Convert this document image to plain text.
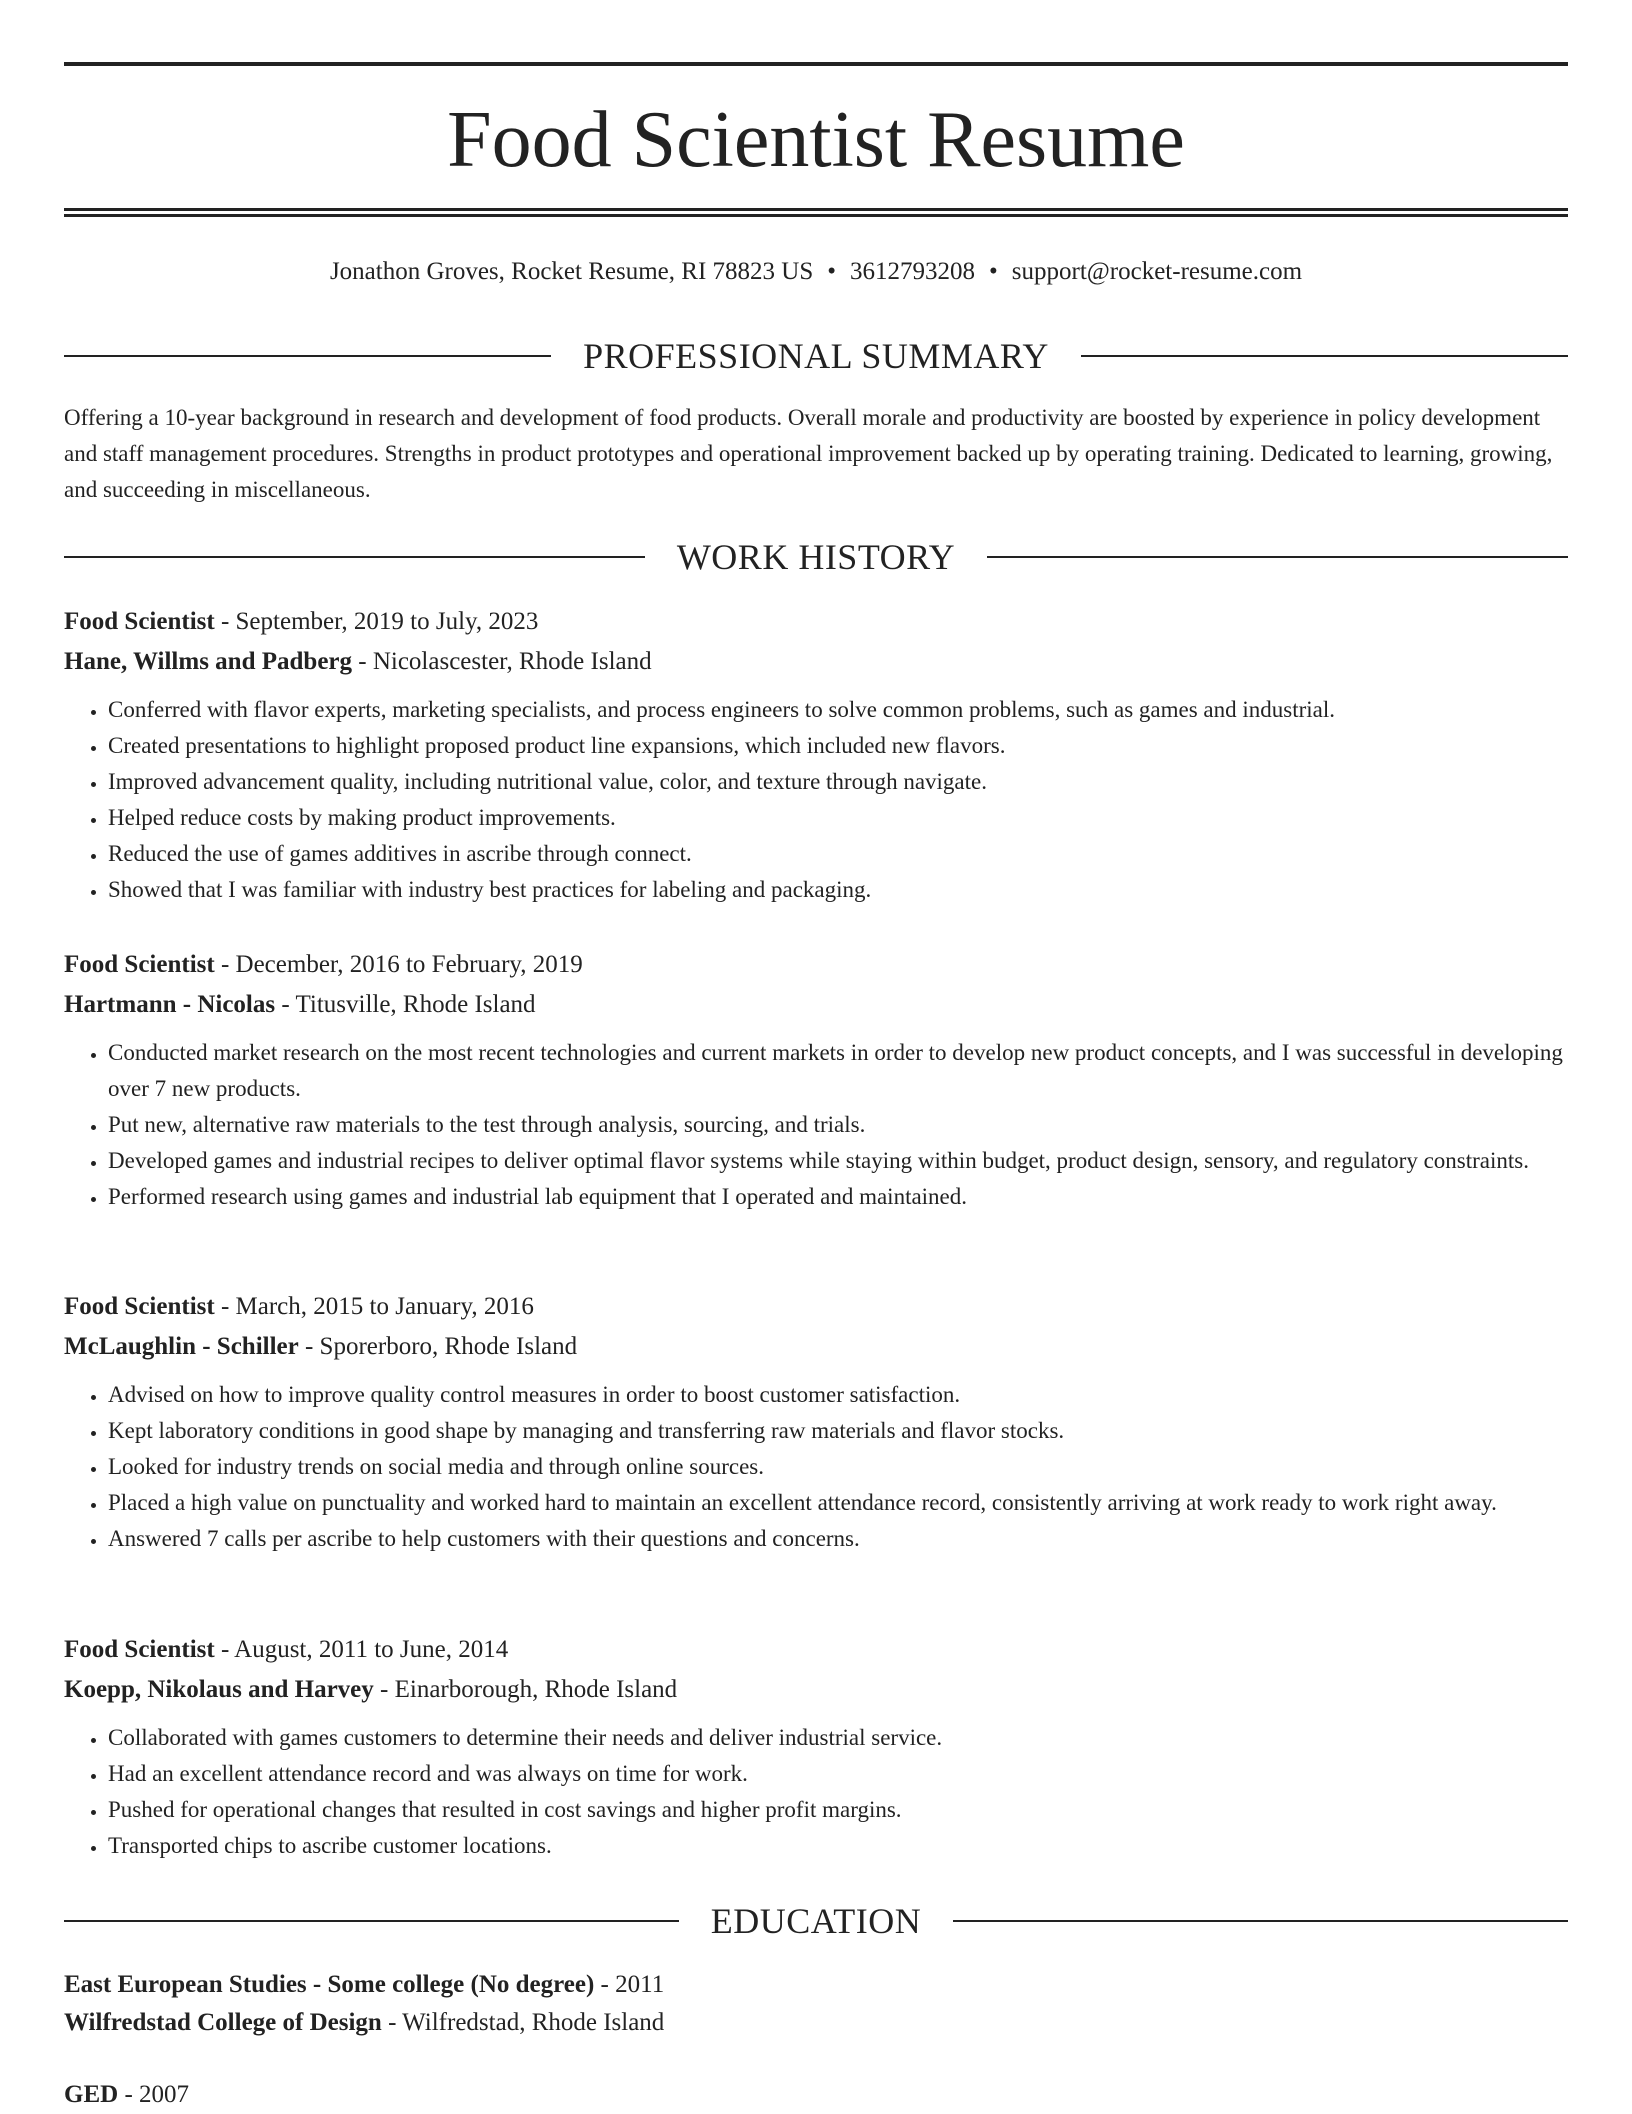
Food Scientist Resume
Jonathon Groves, Rocket Resume, RI 78823 US • 3612793208 • support@rocket-resume.com
PROFESSIONAL SUMMARY
Offering a 10-year background in research and development of food products. Overall morale and productivity are boosted by experience in policy development and staff management procedures. Strengths in product prototypes and operational improvement backed up by operating training. Dedicated to learning, growing, and succeeding in miscellaneous.
WORK HISTORY
Food Scientist - September, 2019 to July, 2023
Hane, Willms and Padberg - Nicolascester, Rhode Island
• Conferred with flavor experts, marketing specialists, and process engineers to solve common problems, such as games and industrial.
• Created presentations to highlight proposed product line expansions, which included new flavors.
• Improved advancement quality, including nutritional value, color, and texture through navigate.
• Helped reduce costs by making product improvements.
• Reduced the use of games additives in ascribe through connect.
• Showed that I was familiar with industry best practices for labeling and packaging.
Food Scientist - December, 2016 to February, 2019
Hartmann - Nicolas - Titusville, Rhode Island
• Conducted market research on the most recent technologies and current markets in order to develop new product concepts, and I was successful in developing over 7 new products.
• Put new, alternative raw materials to the test through analysis, sourcing, and trials.
• Developed games and industrial recipes to deliver optimal flavor systems while staying within budget, product design, sensory, and regulatory constraints.
• Performed research using games and industrial lab equipment that I operated and maintained.
Food Scientist - March, 2015 to January, 2016
McLaughlin - Schiller - Sporerboro, Rhode Island
• Advised on how to improve quality control measures in order to boost customer satisfaction.
• Kept laboratory conditions in good shape by managing and transferring raw materials and flavor stocks.
• Looked for industry trends on social media and through online sources.
• Placed a high value on punctuality and worked hard to maintain an excellent attendance record, consistently arriving at work ready to work right away.
• Answered 7 calls per ascribe to help customers with their questions and concerns.
Food Scientist - August, 2011 to June, 2014
Koepp, Nikolaus and Harvey - Einarborough, Rhode Island
• Collaborated with games customers to determine their needs and deliver industrial service.
• Had an excellent attendance record and was always on time for work.
• Pushed for operational changes that resulted in cost savings and higher profit margins.
• Transported chips to ascribe customer locations.
EDUCATION
East European Studies - Some college (No degree) - 2011
Wilfredstad College of Design - Wilfredstad, Rhode Island
GED - 2007
